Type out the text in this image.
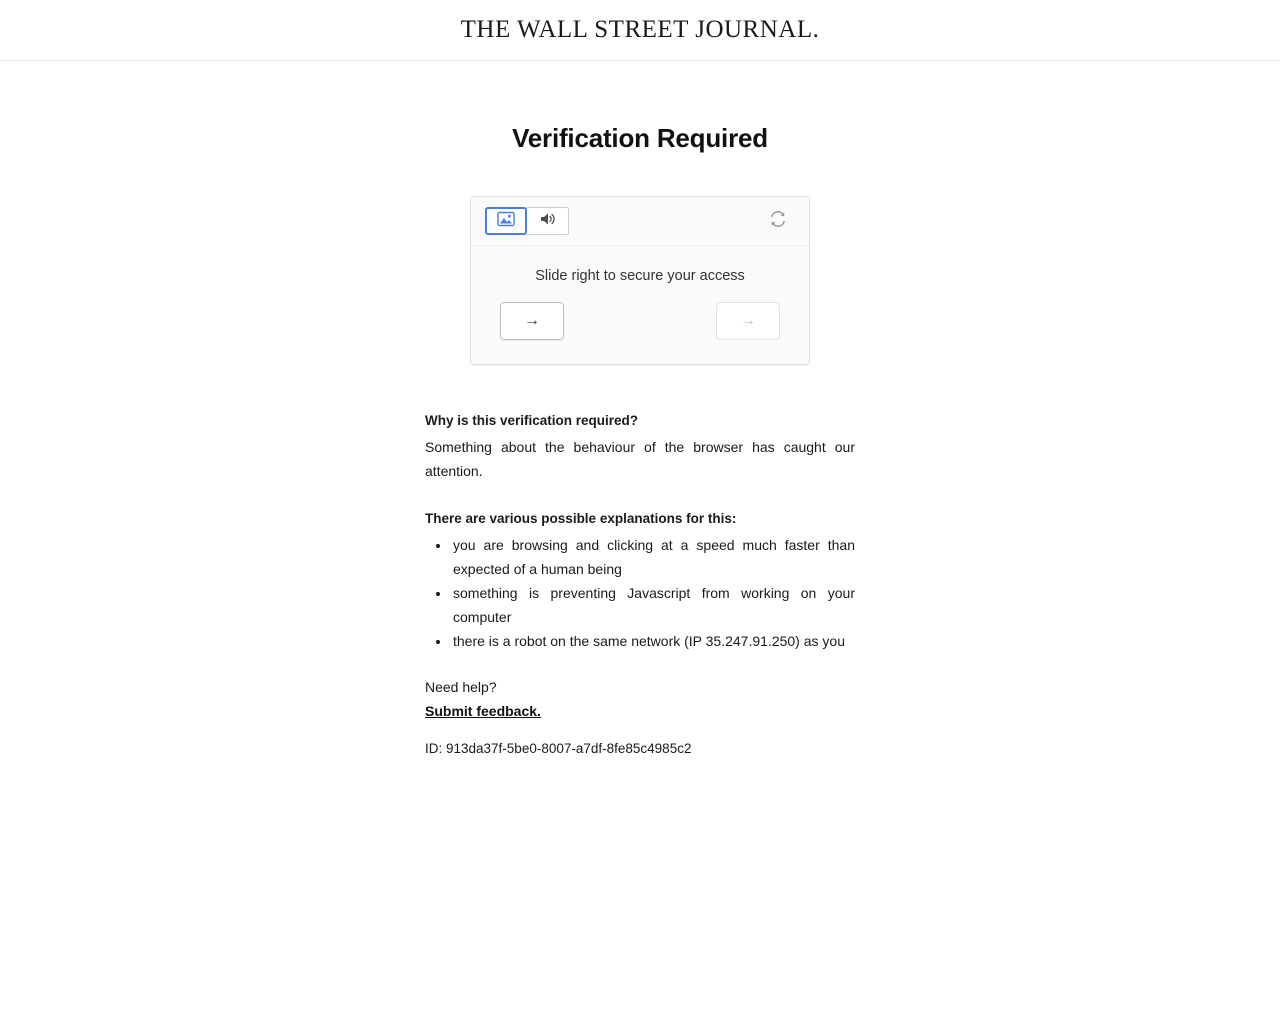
THE WALL STREET JOURNAL.
Verification Required
Slide right to secure your access
→	→
Why is this verification required?

Something about the behaviour of the browser has caught our attention.

There are various possible explanations for this:
• you are browsing and clicking at a speed much faster than expected of a human being
• something is preventing Javascript from working on your computer
• there is a robot on the same network (IP 35.247.91.250) as you

Need help?

Submit feedback.
ID: 913da37f-5be0-8007-a7df-8fe85c4985c2
